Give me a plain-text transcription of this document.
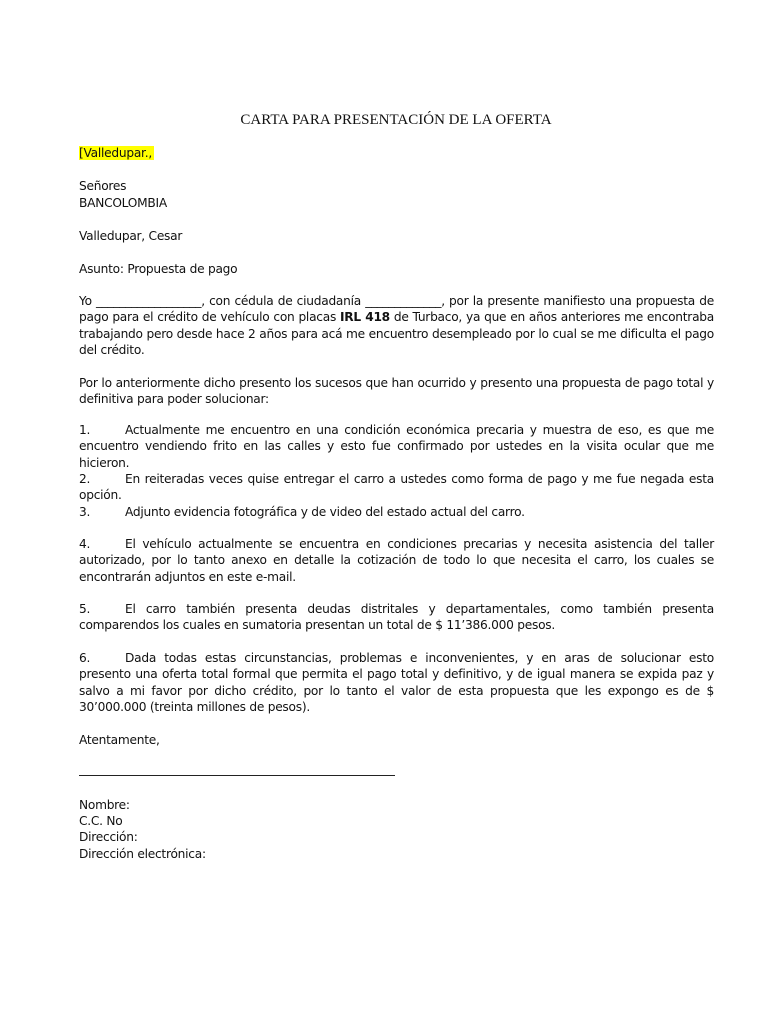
CARTA PARA PRESENTACIÓN DE LA OFERTA
[Valledupar.,
Señores
BANCOLOMBIA
Valledupar, Cesar
Asunto: Propuesta de pago
Yo __________________, con cédula de ciudadanía _____________, por la presente manifiesto una propuesta de pago para el crédito de vehículo con placas IRL 418 de Turbaco, ya que en años anteriores me encontraba trabajando pero desde hace 2 años para acá me encuentro desempleado por lo cual se me dificulta el pago del crédito.
Por lo anteriormente dicho presento los sucesos que han ocurrido y presento una propuesta de pago total y definitiva para poder solucionar:
1.	Actualmente me encuentro en una condición económica precaria y muestra de eso, es que me encuentro vendiendo frito en las calles y esto fue confirmado por ustedes en la visita ocular que me hicieron.
2.	En reiteradas veces quise entregar el carro a ustedes como forma de pago y me fue negada esta opción.
3.	Adjunto evidencia fotográfica y de video del estado actual del carro.
4.	El vehículo actualmente se encuentra en condiciones precarias y necesita asistencia del taller autorizado, por lo tanto anexo en detalle la cotización de todo lo que necesita el carro, los cuales se encontrarán adjuntos en este e-mail.
5.	El carro también presenta deudas distritales y departamentales, como también presenta comparendos los cuales en sumatoria presentan un total de $ 11’386.000 pesos.
6.	Dada todas estas circunstancias, problemas e inconvenientes, y en aras de solucionar esto presento una oferta total formal que permita el pago total y definitivo, y de igual manera se expida paz y salvo a mi favor por dicho crédito, por lo tanto el valor de esta propuesta que les expongo es de $ 30’000.000 (treinta millones de pesos).
Atentamente,
Nombre:
C.C. No
Dirección:
Dirección electrónica:
